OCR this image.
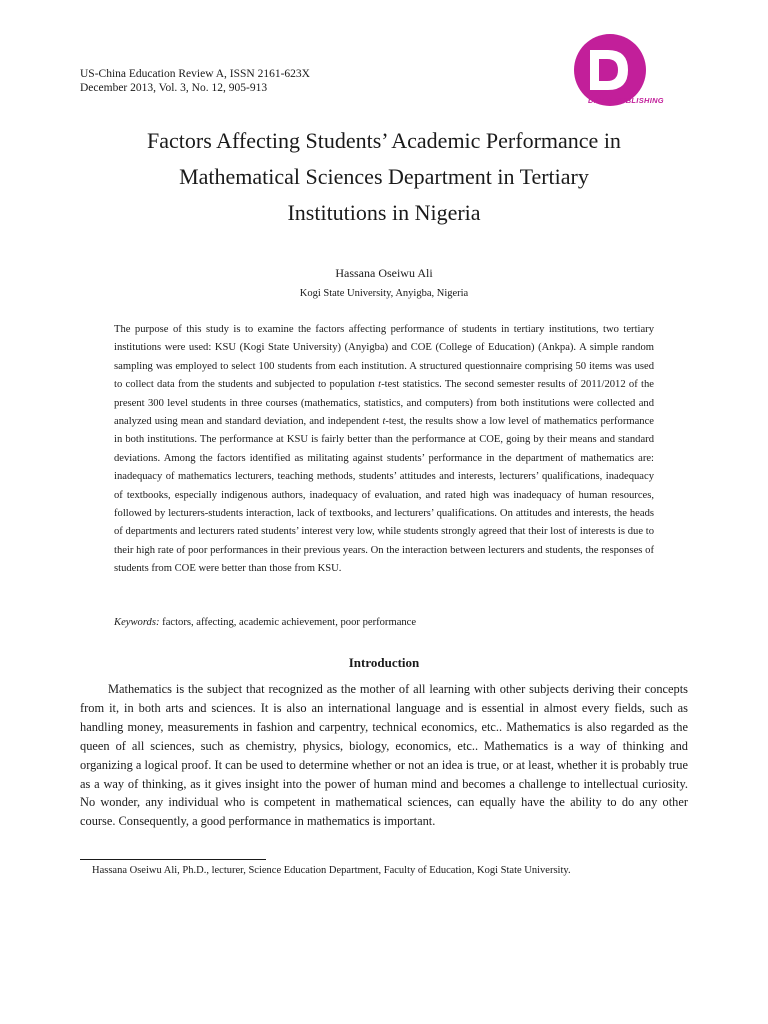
US-China Education Review A, ISSN 2161-623X
December 2013, Vol. 3, No. 12, 905-913
DAVID PUBLISHING
Factors Affecting Students’ Academic Performance in
Mathematical Sciences Department in Tertiary
Institutions in Nigeria
Hassana Oseiwu Ali
Kogi State University, Anyigba, Nigeria

The purpose of this study is to examine the factors affecting performance of students in tertiary institutions, two tertiary institutions were used: KSU (Kogi State University) (Anyigba) and COE (College of Education) (Ankpa). A simple random sampling was employed to select 100 students from each institution. A structured questionnaire comprising 50 items was used to collect data from the students and subjected to population t-test statistics. The second semester results of 2011/2012 of the present 300 level students in three courses (mathematics, statistics, and computers) from both institutions were collected and analyzed using mean and standard deviation, and independent t-test, the results show a low level of mathematics performance in both institutions. The performance at KSU is fairly better than the performance at COE, going by their means and standard deviations. Among the factors identified as militating against students’ performance in the department of mathematics are: inadequacy of mathematics lecturers, teaching methods, students’ attitudes and interests, lecturers’ qualifications, inadequacy of textbooks, especially indigenous authors, inadequacy of evaluation, and rated high was inadequacy of human resources, followed by lecturers-students interaction, lack of textbooks, and lecturers’ qualifications. On attitudes and interests, the heads of departments and lecturers rated students’ interest very low, while students strongly agreed that their lost of interests is due to their high rate of poor performances in their previous years. On the interaction between lecturers and students, the responses of students from COE were better than those from KSU.

Keywords: factors, affecting, academic achievement, poor performance
Introduction

Mathematics is the subject that recognized as the mother of all learning with other subjects deriving their concepts from it, in both arts and sciences. It is also an international language and is essential in almost every fields, such as handling money, measurements in fashion and carpentry, technical economics, etc.. Mathematics is also regarded as the queen of all sciences, such as chemistry, physics, biology, economics, etc.. Mathematics is a way of thinking and organizing a logical proof. It can be used to determine whether or not an idea is true, or at least, whether it is probably true as a way of thinking, as it gives insight into the power of human mind and becomes a challenge to intellectual curiosity. No wonder, any individual who is competent in mathematical sciences, can equally have the ability to do any other course. Consequently, a good performance in mathematics is important.

Hassana Oseiwu Ali, Ph.D., lecturer, Science Education Department, Faculty of Education, Kogi State University.
